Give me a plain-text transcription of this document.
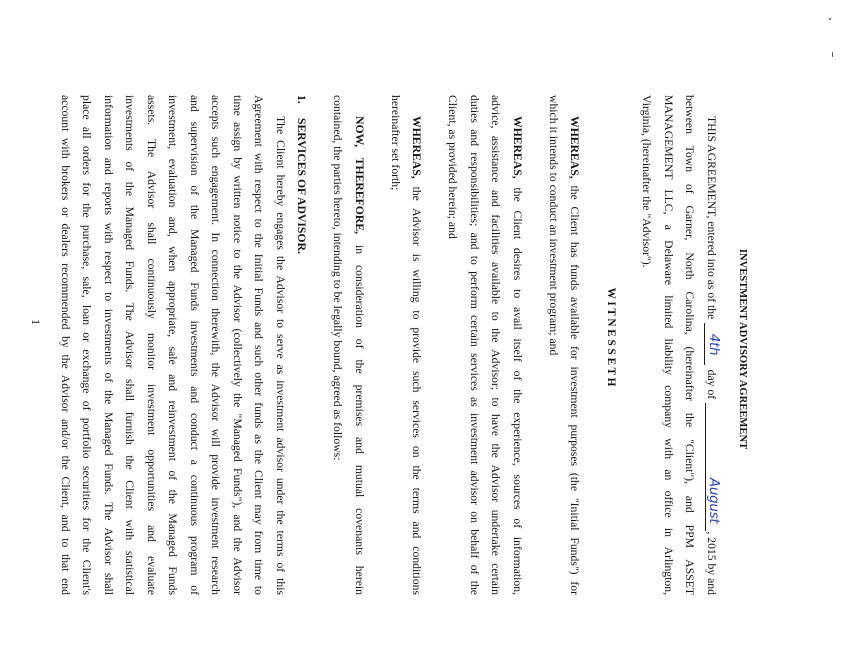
INVESTMENT ADVISORY AGREEMENT
THIS AGREEMENT, entered into as of the
4th
day of
August, 2015 by and
between Town of Garner, North Carolina, (hereinafter the "Client"), and PPM ASSET
MANAGEMENT LLC, a Delaware limited liability company with an office in Arlington,
Virginia, (hereinafter the "Advisor").
W I T N E S S E T H
WHEREAS, the Client has funds available for investment purposes (the "Initial Funds") for
which it intends to conduct an investment program; and
WHEREAS, the Client desires to avail itself of the experience, sources of information,
advice, assistance and facilities available to the Advisor; to have the Advisor undertake certain
duties and responsibilities; and to perform certain services as investment advisor on behalf of the
Client, as provided herein; and
WHEREAS, the Advisor is willing to provide such services on the terms and conditions
hereinafter set forth;
NOW, THEREFORE, in consideration of the premises and mutual covenants herein
contained, the parties hereto, intending to be legally bound, agreed as follows:
1.SERVICES OF ADVISOR.
The Client hereby engages the Advisor to serve as investment advisor under the terms of this
Agreement with respect to the Initial Funds and such other funds as the Client may from time to
time assign by written notice to the Advisor (collectively the "Managed Funds"), and the Advisor
accepts such engagement. In connection therewith, the Advisor will provide investment research
and supervision of the Managed Funds investments and conduct a continuous program of
investment, evaluation and, when appropriate, sale and reinvestment of the Managed Funds
assets. The Advisor shall continuously monitor investment opportunities and evaluate
investments of the Managed Funds. The Advisor shall furnish the Client with statistical
information and reports with respect to investments of the Managed Funds. The Advisor shall
place all orders for the purchase, sale, loan or exchange of portfolio securities for the Client's
account with brokers or dealers recommended by the Advisor and/or the Client, and to that end
1
